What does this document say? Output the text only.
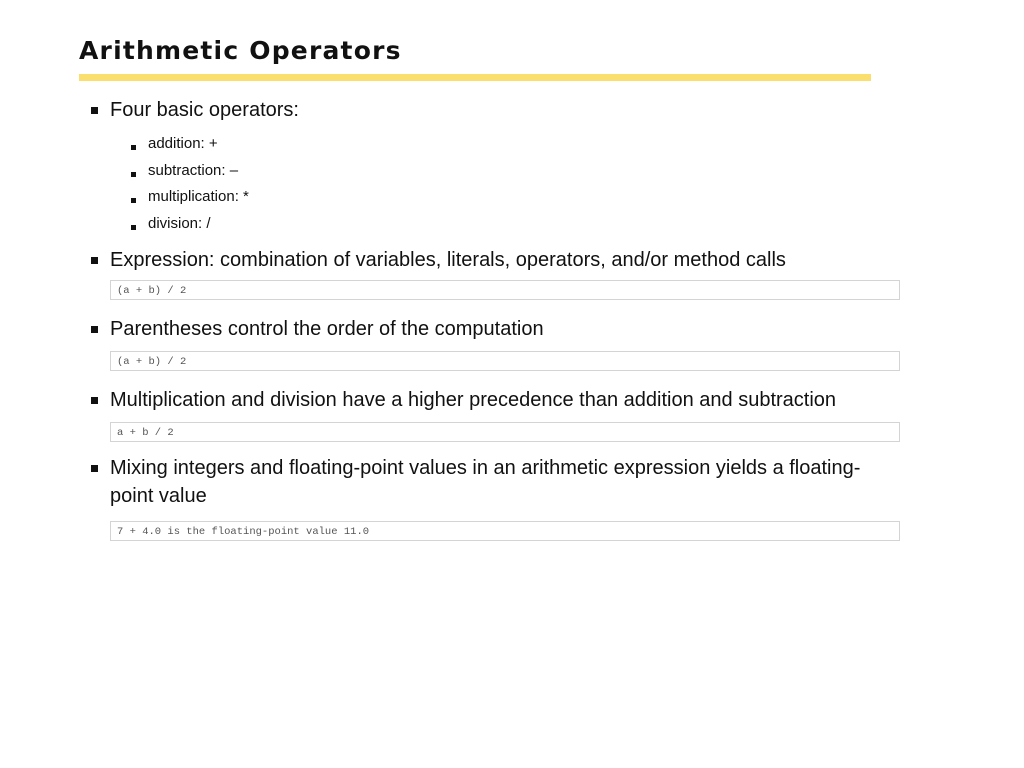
Arithmetic Operators
Four basic operators:
addition: +
subtraction: –
multiplication: *
division: /
Expression: combination of variables, literals, operators, and/or method calls
(a + b) / 2
Parentheses control the order of the computation
(a + b) / 2
Multiplication and division have a higher precedence than addition and subtraction
a + b / 2
Mixing integers and floating-point values in an arithmetic expression yields a floating-
point value
7 + 4.0 is the floating-point value 11.0
